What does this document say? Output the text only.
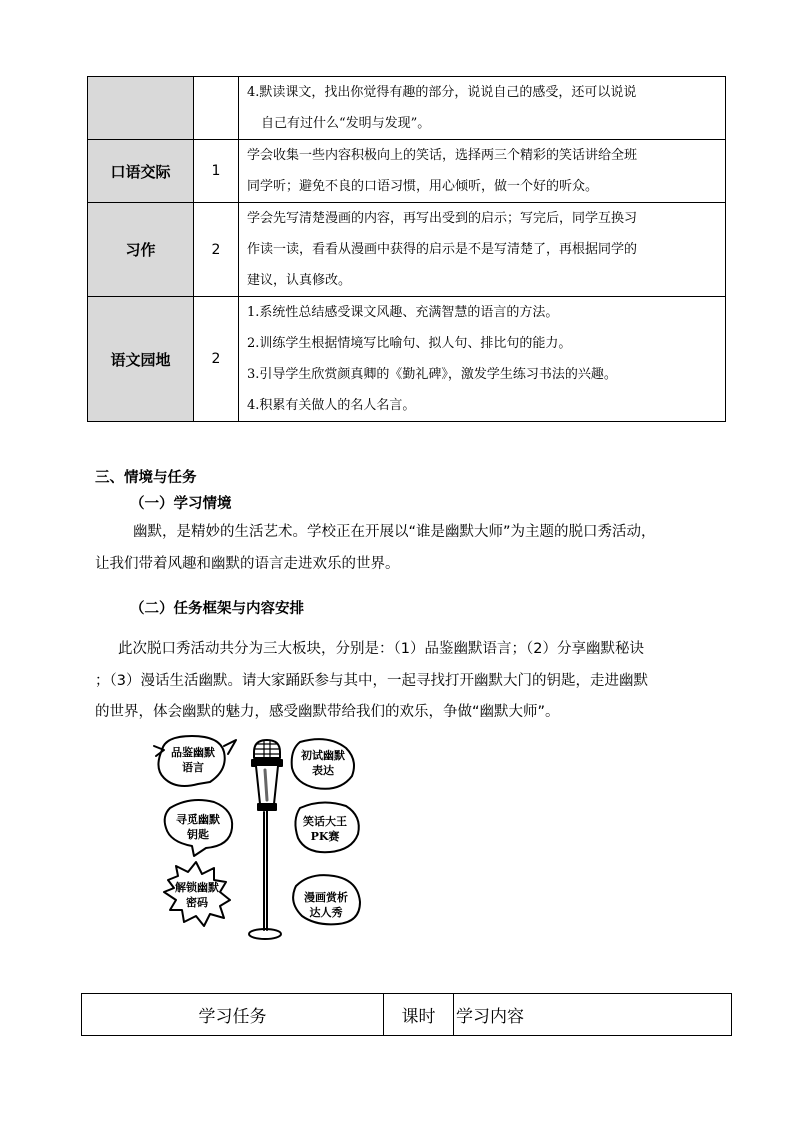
		4.默读课文，找出你觉得有趣的部分，说说自己的感受，还可以说说
自己有过什么“发明与发现”。

口语交际	1	学会收集一些内容积极向上的笑话，选择两三个精彩的笑话讲给全班
同学听；避免不良的口语习惯，用心倾听，做一个好的听众。

习作	2	学会先写清楚漫画的内容，再写出受到的启示；写完后，同学互换习
作读一读，看看从漫画中获得的启示是不是写清楚了，再根据同学的
建议，认真修改。

语文园地	2	1.系统性总结感受课文风趣、充满智慧的语言的方法。
2.训练学生根据情境写比喻句、拟人句、排比句的能力。
3.引导学生欣赏颜真卿的《勤礼碑》，激发学生练习书法的兴趣。
4.积累有关做人的名人名言。
三、情境与任务
（一）学习情境
幽默，是精妙的生活艺术。学校正在开展以“谁是幽默大师”为主题的脱口秀活动，
让我们带着风趣和幽默的语言走进欢乐的世界。
（二）任务框架与内容安排
此次脱口秀活动共分为三大板块，分别是：（1）品鉴幽默语言；（2）分享幽默秘诀
；（3）漫话生活幽默。请大家踊跃参与其中，一起寻找打开幽默大门的钥匙，走进幽默
的世界，体会幽默的魅力，感受幽默带给我们的欢乐，争做“幽默大师”。
品鉴幽默语言
初试幽默表达
寻觅幽默钥匙
笑话大王PK赛
解锁幽默密码	漫画赏析达人秀
学习任务	课时	学习内容
